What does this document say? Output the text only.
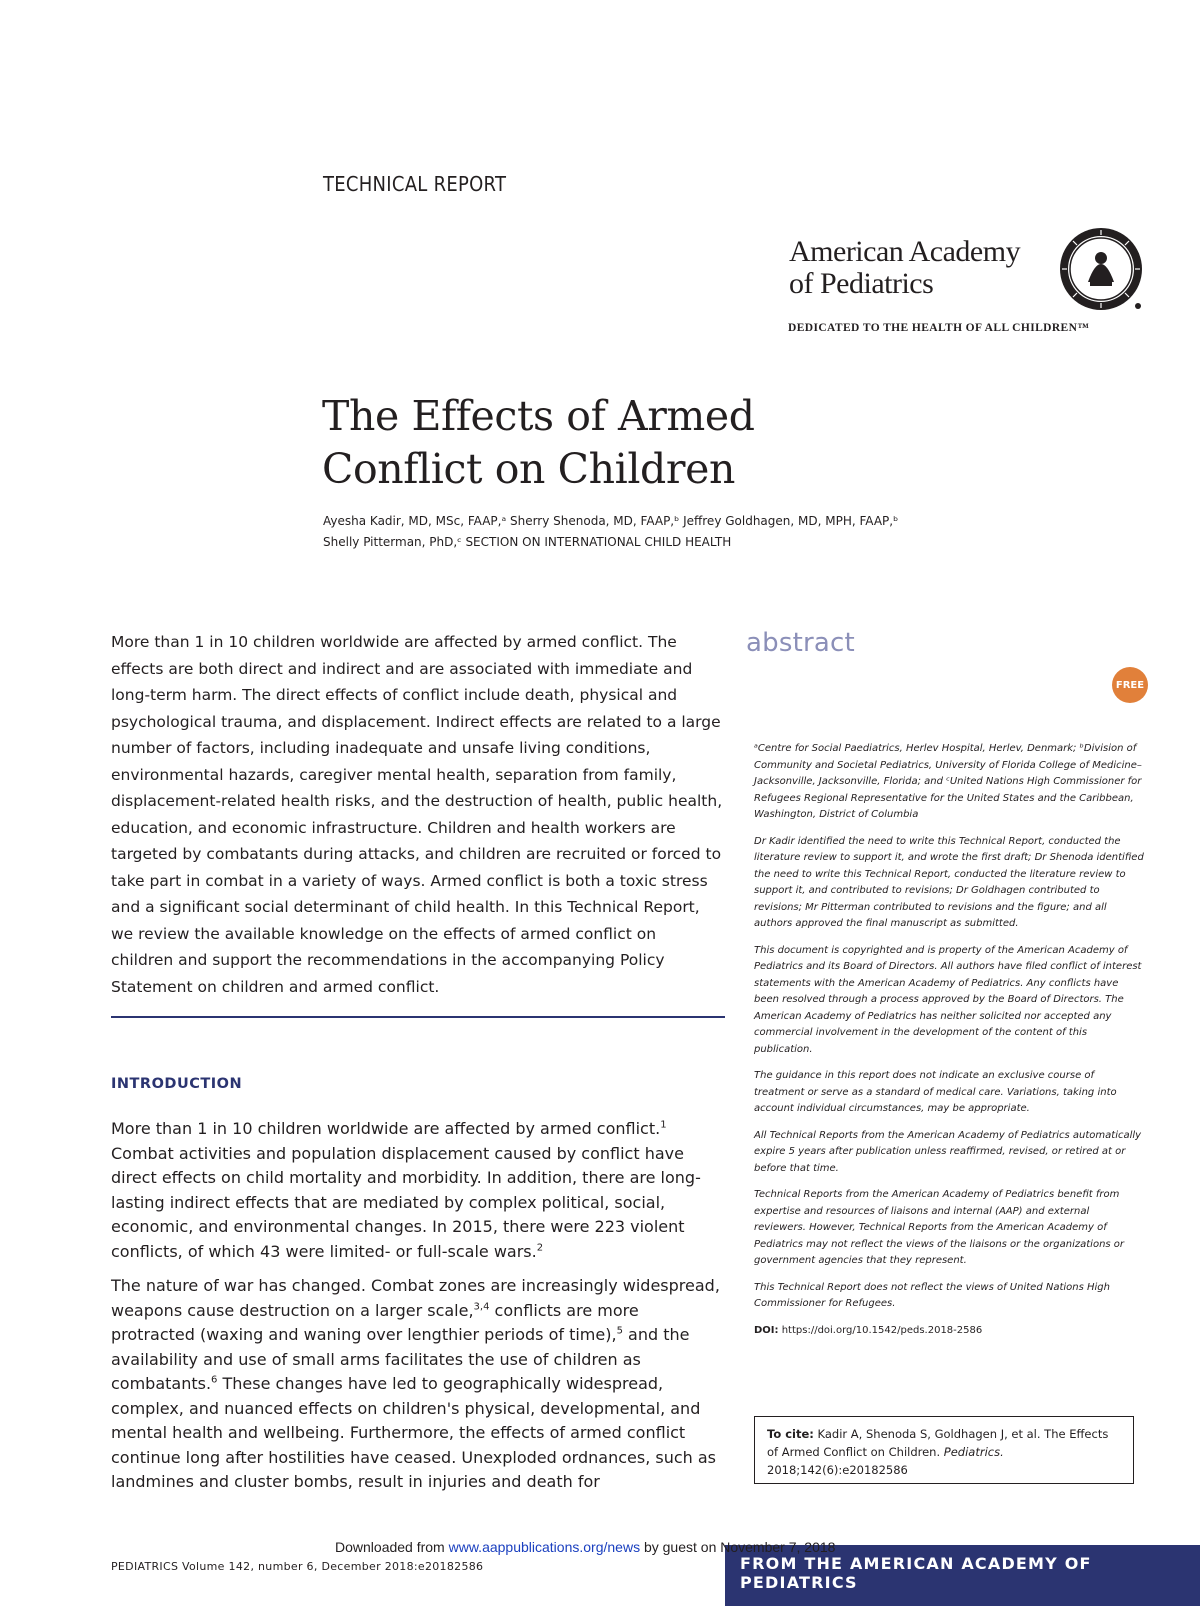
TECHNICAL REPORT
American Academy
of Pediatrics
DEDICATED TO THE HEALTH OF ALL CHILDREN™
The Effects of Armed
Conflict on Children
Ayesha Kadir, MD, MSc, FAAP,ᵃ Sherry Shenoda, MD, FAAP,ᵇ Jeffrey Goldhagen, MD, MPH, FAAP,ᵇ
Shelly Pitterman, PhD,ᶜ SECTION ON INTERNATIONAL CHILD HEALTH
More than 1 in 10 children worldwide are affected by armed conflict. The effects are both direct and indirect and are associated with immediate and long-term harm. The direct effects of conflict include death, physical and psychological trauma, and displacement. Indirect effects are related to a large number of factors, including inadequate and unsafe living conditions, environmental hazards, caregiver mental health, separation from family, displacement-related health risks, and the destruction of health, public health, education, and economic infrastructure. Children and health workers are targeted by combatants during attacks, and children are recruited or forced to take part in combat in a variety of ways. Armed conflict is both a toxic stress and a significant social determinant of child health. In this Technical Report, we review the available knowledge on the effects of armed conflict on children and support the recommendations in the accompanying Policy Statement on children and armed conflict.
abstract
FREE

ᵃCentre for Social Paediatrics, Herlev Hospital, Herlev, Denmark; ᵇDivision of Community and Societal Pediatrics, University of Florida College of Medicine–Jacksonville, Jacksonville, Florida; and ᶜUnited Nations High Commissioner for Refugees Regional Representative for the United States and the Caribbean, Washington, District of Columbia

Dr Kadir identified the need to write this Technical Report, conducted the literature review to support it, and wrote the first draft; Dr Shenoda identified the need to write this Technical Report, conducted the literature review to support it, and contributed to revisions; Dr Goldhagen contributed to revisions; Mr Pitterman contributed to revisions and the figure; and all authors approved the final manuscript as submitted.

This document is copyrighted and is property of the American Academy of Pediatrics and its Board of Directors. All authors have filed conflict of interest statements with the American Academy of Pediatrics. Any conflicts have been resolved through a process approved by the Board of Directors. The American Academy of Pediatrics has neither solicited nor accepted any commercial involvement in the development of the content of this publication.

The guidance in this report does not indicate an exclusive course of treatment or serve as a standard of medical care. Variations, taking into account individual circumstances, may be appropriate.

All Technical Reports from the American Academy of Pediatrics automatically expire 5 years after publication unless reaffirmed, revised, or retired at or before that time.

Technical Reports from the American Academy of Pediatrics benefit from expertise and resources of liaisons and internal (AAP) and external reviewers. However, Technical Reports from the American Academy of Pediatrics may not reflect the views of the liaisons or the organizations or government agencies that they represent.

This Technical Report does not reflect the views of United Nations High Commissioner for Refugees.

DOI: https://doi.org/10.1542/peds.2018-2586
To cite: Kadir A, Shenoda S, Goldhagen J, et al. The Effects of Armed Conflict on Children. Pediatrics. 2018;142(6):e20182586
INTRODUCTION

More than 1 in 10 children worldwide are affected by armed conflict.$^1$ Combat activities and population displacement caused by conflict have direct effects on child mortality and morbidity. In addition, there are long-lasting indirect effects that are mediated by complex political, social, economic, and environmental changes. In 2015, there were 223 violent conflicts, of which 43 were limited- or full-scale wars.$^2$

The nature of war has changed. Combat zones are increasingly widespread, weapons cause destruction on a larger scale,$^{3,4}$ conflicts are more protracted (waxing and waning over lengthier periods of time),$^5$ and the availability and use of small arms facilitates the use of children as combatants.$^6$ These changes have led to geographically widespread, complex, and nuanced effects on children's physical, developmental, and mental health and wellbeing. Furthermore, the effects of armed conflict continue long after hostilities have ceased. Unexploded ordnances, such as landmines and cluster bombs, result in injuries and death for

FROM THE AMERICAN ACADEMY OF PEDIATRICS
PEDIATRICS Volume 142, number 6, December 2018:e20182586
Downloaded from www.aappublications.org/news by guest on November 7, 2018
